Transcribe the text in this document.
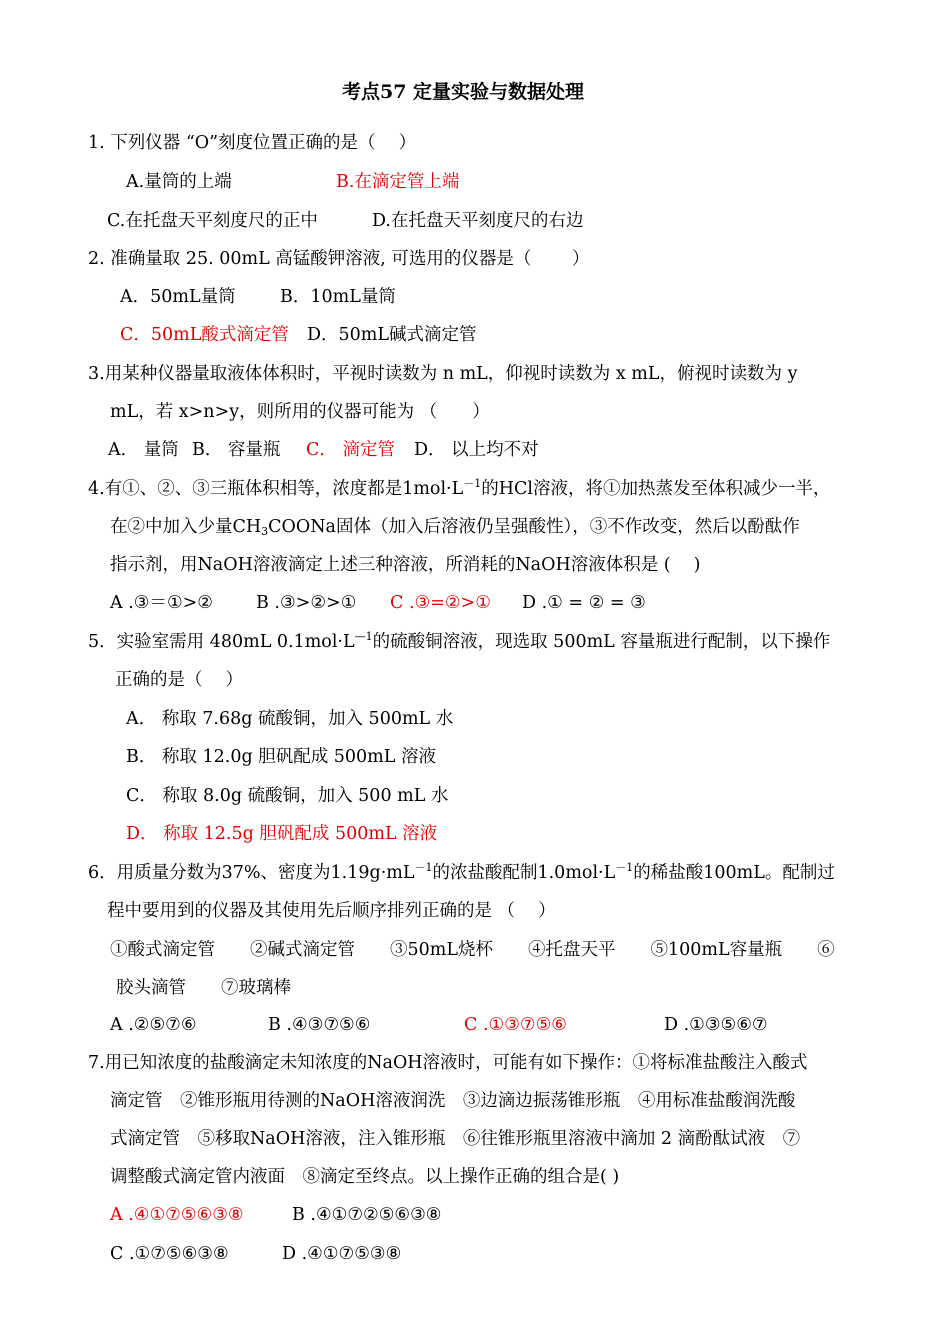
考点57 定量实验与数据处理
1. 下列仪器 “O”刻度位置正确的是（　 ）
A.量筒的上端	B.在滴定管上端
C.在托盘天平刻度尺的正中	D.在托盘天平刻度尺的右边
2. 准确量取 25. 00mL 高锰酸钾溶液, 可选用的仪器是（　　 ）
A．50mL量筒	B．10mL量筒
C．50mL酸式滴定管 D．50mL碱式滴定管
3.用某种仪器量取液体体积时，平视时读数为 n mL，仰视时读数为 x mL，俯视时读数为 y
mL，若 x>n>y，则所用的仪器可能为 （　　）
A． 量筒 B． 容量瓶 C． 滴定管 D． 以上均不对
4.有①、②、③三瓶体积相等，浓度都是$1mol\cdot L^{-1}$的HCl溶液，将①加热蒸发至体积减少一半，
在②中加入少量$CH_3COONa$固体（加入后溶液仍呈强酸性），③不作改变，然后以酚酞作
指示剂，用NaOH溶液滴定上述三种溶液，所消耗的NaOH溶液体积是 (　 )
A .③＝①>② B .③>②>① C .③=②>① D .① = ② = ③
5．实验室需用 480mL $0.1mol\cdot L^{—1}$的硫酸铜溶液，现选取 500mL 容量瓶进行配制，以下操作
正确的是（　 ）
A． 称取 7.68g 硫酸铜，加入 500mL 水
B． 称取 12.0g 胆矾配成 500mL 溶液
C． 称取 8.0g 硫酸铜，加入 500 mL 水
D． 称取 12.5g 胆矾配成 500mL 溶液
6．用质量分数为37%、密度为$1.19g\cdot mL^{-1}$的浓盐酸配制$1.0mol\cdot L^{-1}$的稀盐酸100mL。配制过
程中要用到的仪器及其使用先后顺序排列正确的是 （　 ）
①酸式滴定管　　②碱式滴定管　　③50mL烧杯　　④托盘天平　　⑤100mL容量瓶　　⑥
胶头滴管　　⑦玻璃棒
A .②⑤⑦⑥	B .④③⑦⑤⑥	C .①③⑦⑤⑥	D .①③⑤⑥⑦
7.用已知浓度的盐酸滴定未知浓度的NaOH溶液时，可能有如下操作：①将标准盐酸注入酸式
滴定管　②锥形瓶用待测的NaOH溶液润洗　③边滴边振荡锥形瓶　④用标准盐酸润洗酸
式滴定管　⑤移取NaOH溶液，注入锥形瓶　⑥往锥形瓶里溶液中滴加 2 滴酚酞试液　⑦
调整酸式滴定管内液面　⑧滴定至终点。以上操作正确的组合是( )
A .④①⑦⑤⑥③⑧	B .④①⑦②⑤⑥③⑧
C .①⑦⑤⑥③⑧	D .④①⑦⑤③⑧
